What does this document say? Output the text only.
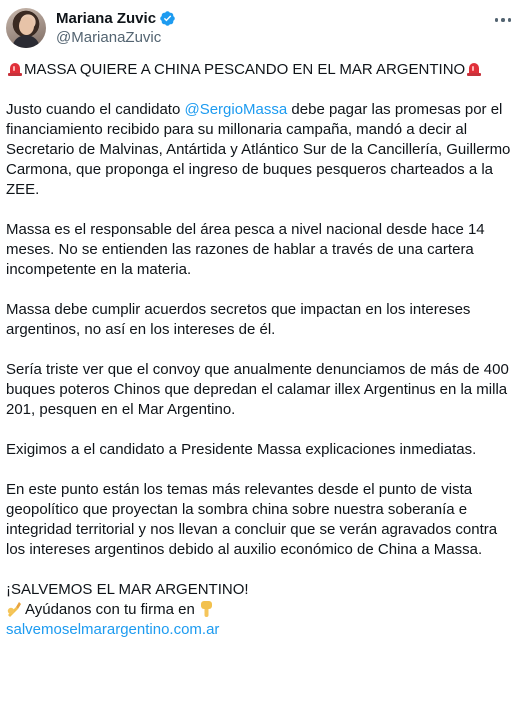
Mariana Zuvic
@MarianaZuvic

MASSA QUIERE A CHINA PESCANDO EN EL MAR ARGENTINO

Justo cuando el candidato @SergioMassa debe pagar las promesas por el financiamiento recibido para su millonaria campaña, mandó a decir al Secretario de Malvinas, Antártida y Atlántico Sur de la Cancillería, Guillermo Carmona, que proponga el ingreso de buques pesqueros charteados a la ZEE.

Massa es el responsable del área pesca a nivel nacional desde hace 14 meses. No se entienden las razones de hablar a través de una cartera incompetente en la materia.

Massa debe cumplir acuerdos secretos que impactan en los intereses argentinos, no así en los intereses de él.

Sería triste ver que el convoy que anualmente denunciamos de más de 400 buques poteros Chinos que depredan el calamar illex Argentinus en la milla 201, pesquen en el Mar Argentino.

Exigimos a el candidato a Presidente Massa explicaciones inmediatas.

En este punto están los temas más relevantes desde el punto de vista geopolítico que proyectan la sombra china sobre nuestra soberanía e integridad territorial y nos llevan a concluir que se verán agravados contra los intereses argentinos debido al auxilio económico de China a Massa.

¡SALVEMOS EL MAR ARGENTINO!
Ayúdanos con tu firma en
salvemoselmarargentino.com.ar
